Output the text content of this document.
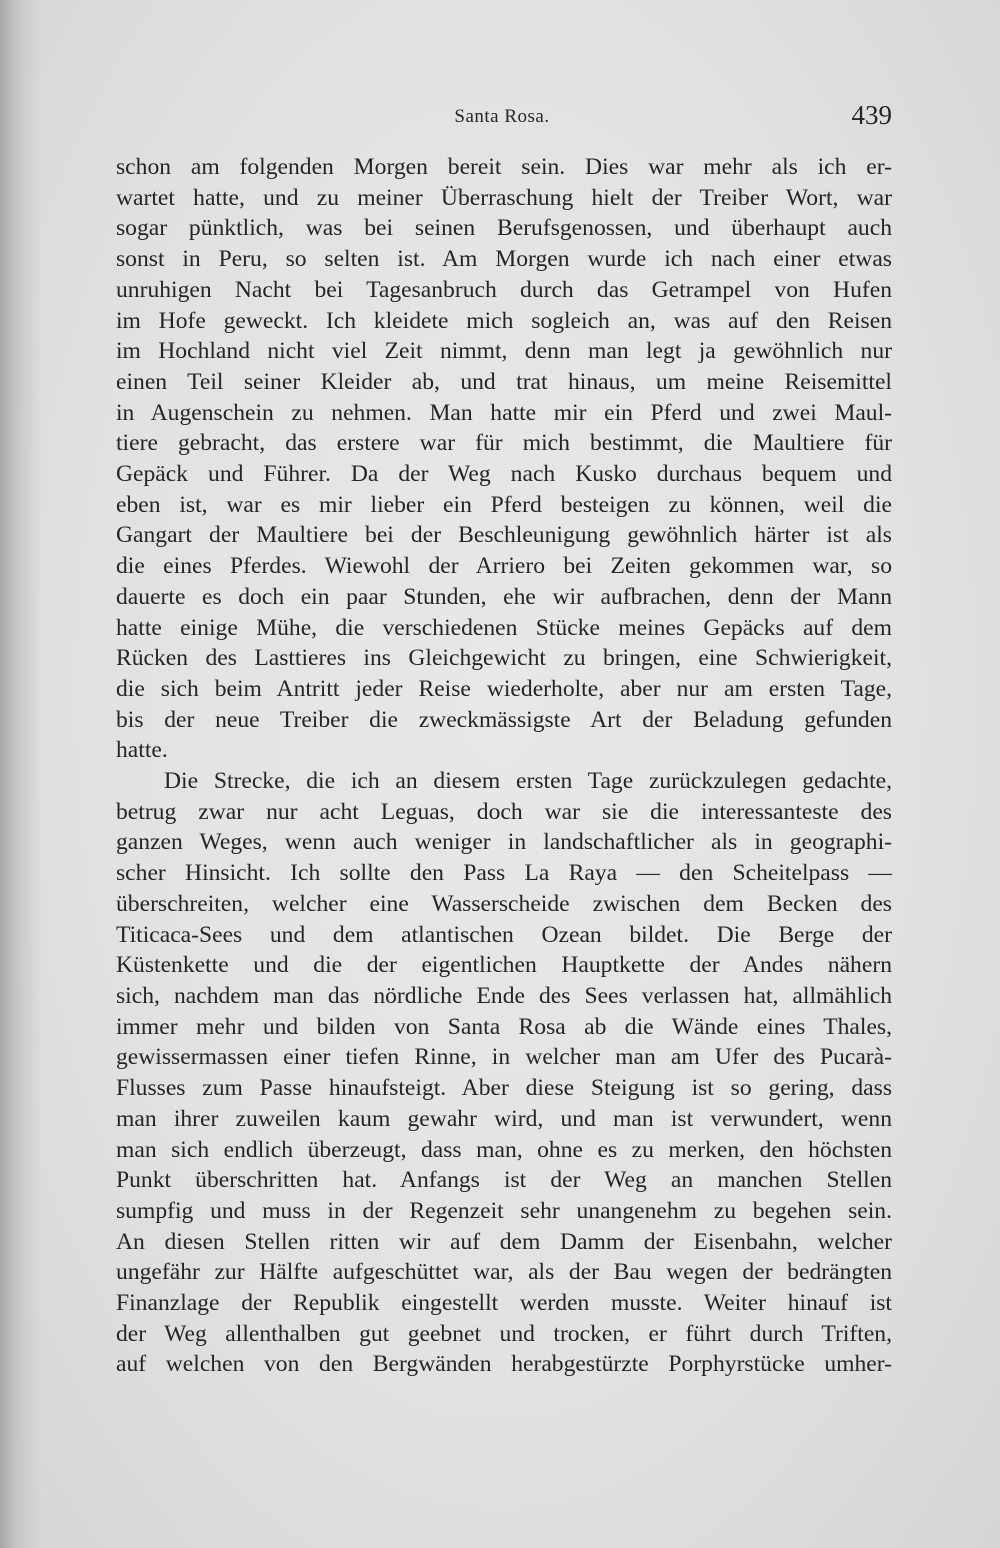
Santa Rosa.	439

schon am folgenden Morgen bereit sein. Dies war mehr als ich er-
wartet hatte, und zu meiner Überraschung hielt der Treiber Wort, war
sogar pünktlich, was bei seinen Berufsgenossen, und überhaupt auch
sonst in Peru, so selten ist. Am Morgen wurde ich nach einer etwas
unruhigen Nacht bei Tagesanbruch durch das Getrampel von Hufen
im Hofe geweckt. Ich kleidete mich sogleich an, was auf den Reisen
im Hochland nicht viel Zeit nimmt, denn man legt ja gewöhnlich nur
einen Teil seiner Kleider ab, und trat hinaus, um meine Reisemittel
in Augenschein zu nehmen. Man hatte mir ein Pferd und zwei Maul-
tiere gebracht, das erstere war für mich bestimmt, die Maultiere für
Gepäck und Führer. Da der Weg nach Kusko durchaus bequem und
eben ist, war es mir lieber ein Pferd besteigen zu können, weil die
Gangart der Maultiere bei der Beschleunigung gewöhnlich härter ist als
die eines Pferdes. Wiewohl der Arriero bei Zeiten gekommen war, so
dauerte es doch ein paar Stunden, ehe wir aufbrachen, denn der Mann
hatte einige Mühe, die verschiedenen Stücke meines Gepäcks auf dem
Rücken des Lasttieres ins Gleichgewicht zu bringen, eine Schwierigkeit,
die sich beim Antritt jeder Reise wiederholte, aber nur am ersten Tage,
bis der neue Treiber die zweckmässigste Art der Beladung gefunden
hatte.

Die Strecke, die ich an diesem ersten Tage zurückzulegen gedachte,
betrug zwar nur acht Leguas, doch war sie die interessanteste des
ganzen Weges, wenn auch weniger in landschaftlicher als in geographi-
scher Hinsicht. Ich sollte den Pass La Raya — den Scheitelpass —
überschreiten, welcher eine Wasserscheide zwischen dem Becken des
Titicaca-Sees und dem atlantischen Ozean bildet. Die Berge der
Küstenkette und die der eigentlichen Hauptkette der Andes nähern
sich, nachdem man das nördliche Ende des Sees verlassen hat, allmählich
immer mehr und bilden von Santa Rosa ab die Wände eines Thales,
gewissermassen einer tiefen Rinne, in welcher man am Ufer des Pucarà-
Flusses zum Passe hinaufsteigt. Aber diese Steigung ist so gering, dass
man ihrer zuweilen kaum gewahr wird, und man ist verwundert, wenn
man sich endlich überzeugt, dass man, ohne es zu merken, den höchsten
Punkt überschritten hat. Anfangs ist der Weg an manchen Stellen
sumpfig und muss in der Regenzeit sehr unangenehm zu begehen sein.
An diesen Stellen ritten wir auf dem Damm der Eisenbahn, welcher
ungefähr zur Hälfte aufgeschüttet war, als der Bau wegen der bedrängten
Finanzlage der Republik eingestellt werden musste. Weiter hinauf ist
der Weg allenthalben gut geebnet und trocken, er führt durch Triften,
auf welchen von den Bergwänden herabgestürzte Porphyrstücke umher-
